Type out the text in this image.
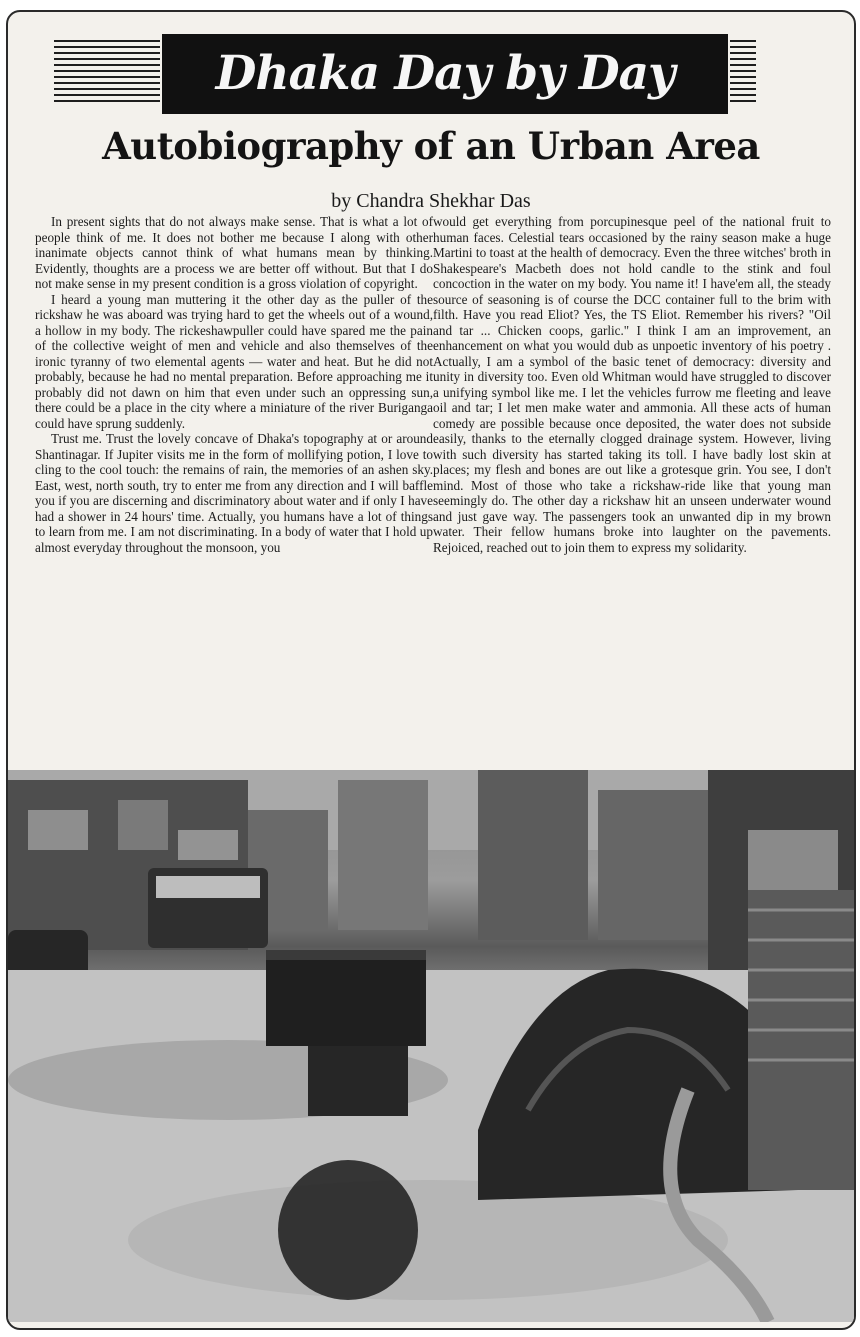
Dhaka Day by Day
Autobiography of an Urban Area
by Chandra Shekhar Das

In present sights that do not always make sense. That is what a lot of people think of me. It does not bother me because I along with other inanimate objects cannot think of what humans mean by thinking. Evidently, thoughts are a process we are better off without. But that I do not make sense in my present condition is a gross violation of copyright.

I heard a young man muttering it the other day as the puller of the rickshaw he was aboard was trying hard to get the wheels out of a wound, a hollow in my body. The rickeshawpuller could have spared me the pain of the collective weight of men and vehicle and also themselves of the ironic tyranny of two elemental agents — water and heat. But he did not probably, because he had no mental preparation. Before approaching me it probably did not dawn on him that even under such an oppressing sun, there could be a place in the city where a miniature of the river Buriganga could have sprung suddenly.

Trust me. Trust the lovely concave of Dhaka's topography at or around Shantinagar. If Jupiter visits me in the form of mollifying potion, I love to cling to the cool touch: the remains of rain, the memories of an ashen sky. East, west, north south, try to enter me from any direction and I will baffle you if you are discerning and discriminatory about water and if only I have had a shower in 24 hours' time. Actually, you humans have a lot of things to learn from me. I am not discriminating. In a body of water that I hold up almost everyday throughout the monsoon, you

would get everything from porcupinesque peel of the national fruit to human faces. Celestial tears occasioned by the rainy season make a huge Martini to toast at the health of democracy. Even the three witches' broth in Shakespeare's Macbeth does not hold candle to the stink and foul concoction in the water on my body. You name it! I have'em all, the steady source of seasoning is of course the DCC container full to the brim with filth. Have you read Eliot? Yes, the TS Eliot. Remember his rivers? "Oil and tar ... Chicken coops, garlic." I think I am an improvement, an enhancement on what you would dub as unpoetic inventory of his poetry . Actually, I am a symbol of the basic tenet of democracy: diversity and unity in diversity too. Even old Whitman would have struggled to discover a unifying symbol like me. I let the vehicles furrow me fleeting and leave oil and tar; I let men make water and ammonia. All these acts of human comedy are possible because once deposited, the water does not subside easily, thanks to the eternally clogged drainage system. However, living with such diversity has started taking its toll. I have badly lost skin at places; my flesh and bones are out like a grotesque grin. You see, I don't mind. Most of those who take a rickshaw-ride like that young man seemingly do. The other day a rickshaw hit an unseen underwater wound and just gave way. The passengers took an unwanted dip in my brown water. Their fellow humans broke into laughter on the pavements. Rejoiced, reached out to join them to express my solidarity.
